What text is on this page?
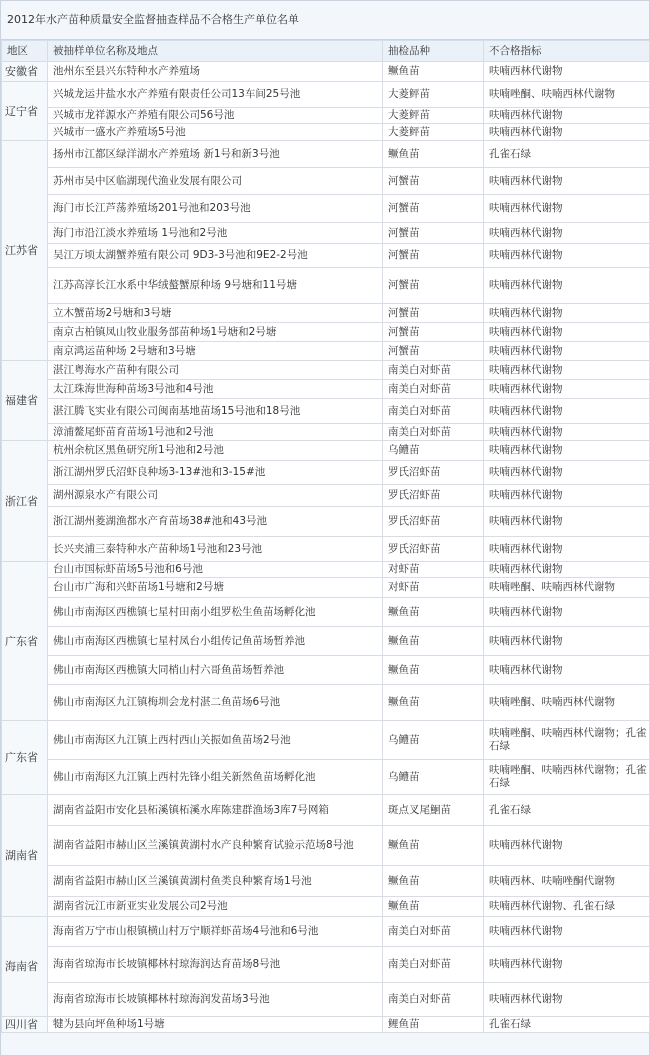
2012年水产苗种质量安全监督抽查样品不合格生产单位名单
地区	被抽样单位名称及地点	抽检品种	不合格指标
安徽省	池州东至县兴东特种水产养殖场	鳜鱼苗	呋喃西林代谢物
辽宁省	兴城龙运井盐水水产养殖有限责任公司13车间25号池	大菱鲆苗	呋喃唑酮、呋喃西林代谢物
	兴城市龙祥源水产养殖有限公司56号池	大菱鲆苗	呋喃西林代谢物
	兴城市一盛水产养殖场5号池	大菱鲆苗	呋喃西林代谢物
江苏省	扬州市江都区绿洋湖水产养殖场 新1号和新3号池	鳜鱼苗	孔雀石绿
	苏州市吴中区临湖现代渔业发展有限公司	河蟹苗	呋喃西林代谢物
	海门市长江芦荡养殖场201号池和203号池	河蟹苗	呋喃西林代谢物
	海门市沿江淡水养殖场 1号池和2号池	河蟹苗	呋喃西林代谢物
	吴江万顷太湖蟹养殖有限公司 9D3-3号池和9E2-2号池	河蟹苗	呋喃西林代谢物
	江苏高淳长江水系中华绒螯蟹原种场 9号塘和11号塘	河蟹苗	呋喃西林代谢物
	立木蟹苗场2号塘和3号塘	河蟹苗	呋喃西林代谢物
	南京古柏镇凤山牧业服务部苗种场1号塘和2号塘	河蟹苗	呋喃西林代谢物
	南京鸿运苗种场 2号塘和3号塘	河蟹苗	呋喃西林代谢物
福建省	湛江粤海水产苗种有限公司	南美白对虾苗	呋喃西林代谢物
	太江珠海世海种苗场3号池和4号池	南美白对虾苗	呋喃西林代谢物
	湛江腾飞实业有限公司闽南基地苗场15号池和18号池	南美白对虾苗	呋喃西林代谢物
	漳浦鳌尾虾苗育苗场1号池和2号池	南美白对虾苗	呋喃西林代谢物
浙江省	杭州余杭区黑鱼研究所1号池和2号池	乌鳢苗	呋喃西林代谢物
	浙江湖州罗氏沼虾良种场3-13#池和3-15#池	罗氏沼虾苗	呋喃西林代谢物
	湖州源泉水产有限公司	罗氏沼虾苗	呋喃西林代谢物
	浙江湖州菱湖渔都水产育苗场38#池和43号池	罗氏沼虾苗	呋喃西林代谢物
	长兴夹浦三泰特种水产苗种场1号池和23号池	罗氏沼虾苗	呋喃西林代谢物
广东省	台山市国标虾苗场5号池和6号池	对虾苗	呋喃西林代谢物
	台山市广海和兴虾苗场1号塘和2号塘	对虾苗	呋喃唑酮、呋喃西林代谢物
	佛山市南海区西樵镇七星村田南小组罗松生鱼苗场孵化池	鳜鱼苗	呋喃西林代谢物
	佛山市南海区西樵镇七星村凤台小组传记鱼苗场暂养池	鳜鱼苗	呋喃西林代谢物
	佛山市南海区西樵镇大同梢山村六哥鱼苗场暂养池	鳜鱼苗	呋喃西林代谢物
	佛山市南海区九江镇梅圳会龙村湛二鱼苗场6号池	鳜鱼苗	呋喃唑酮、呋喃西林代谢物
广东省	佛山市南海区九江镇上西村西山关振如鱼苗场2号池	乌鳢苗	呋喃唑酮、呋喃西林代谢物；孔雀石绿
	佛山市南海区九江镇上西村先锋小组关新然鱼苗场孵化池	乌鳢苗	呋喃唑酮、呋喃西林代谢物；孔雀石绿
湖南省	湖南省益阳市安化县柘溪镇柘溪水库陈建群渔场3库7号网箱	斑点叉尾鮰苗	孔雀石绿
	湖南省益阳市赫山区兰溪镇黄湖村水产良种繁育试验示范场8号池	鳜鱼苗	呋喃西林代谢物
	湖南省益阳市赫山区兰溪镇黄湖村鱼类良种繁育场1号池	鳜鱼苗	呋喃西林、呋喃唑酮代谢物
	湖南省沅江市新亚实业发展公司2号池	鳜鱼苗	呋喃西林代谢物、孔雀石绿
海南省	海南省万宁市山根镇横山村万宁顺祥虾苗场4号池和6号池	南美白对虾苗	呋喃西林代谢物
	海南省琼海市长坡镇椰林村琼海润达育苗场8号池	南美白对虾苗	呋喃西林代谢物
	海南省琼海市长坡镇椰林村琼海润发苗场3号池	南美白对虾苗	呋喃西林代谢物
四川省	犍为县向坪鱼种场1号塘	鲤鱼苗	孔雀石绿
